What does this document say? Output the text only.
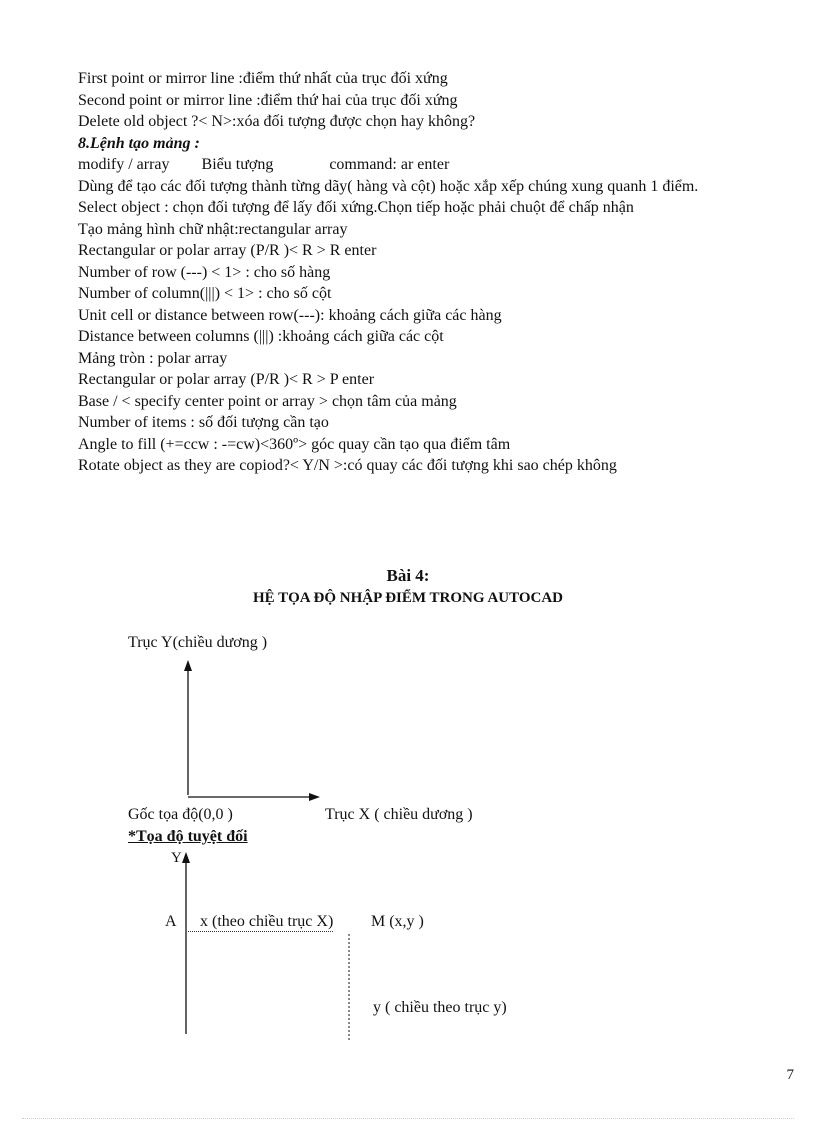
First point or mirror line :điểm thứ nhất của trục đối xứng
Second point or mirror line :điểm thứ hai của trục đối xứng
Delete old object ?< N>:xóa đối tượng được chọn hay không?
8.Lệnh tạo mảng :
modify / array        Biểu tượng              command: ar enter
Dùng để tạo các đối tượng thành từng dãy( hàng và cột) hoặc xắp xếp chúng xung quanh 1 điểm.
Select object : chọn đối tượng để lấy đối xứng.Chọn tiếp hoặc phải chuột để chấp nhận
Tạo mảng hình chữ nhật:rectangular array
Rectangular or polar array (P/R )< R > R enter
Number of row (---) < 1> : cho số hàng
Number of column(|||) < 1> : cho số cột
Unit cell or distance between row(---): khoảng cách giữa các hàng
Distance between columns (|||) :khoảng cách giữa các cột
Mảng tròn : polar array
Rectangular or polar array (P/R )< R > P enter
Base / < specify center point or array > chọn tâm của mảng
Number of items : số đối tượng cần tạo
Angle to fill (+=ccw : -=cw)<360º> góc quay cần tạo qua điểm tâm
Rotate object as they are copiod?< Y/N >:có quay các đối tượng khi sao chép không
Bài 4:
HỆ TỌA ĐỘ NHẬP ĐIỂM TRONG AUTOCAD
Trục Y(chiều dương )
Gốc tọa độ(0,0 )	Trục X ( chiều dương )
*Tọa độ tuyệt đối
Y
A	x (theo chiều trục X) M (x,y )
y ( chiều theo trục y)
7
